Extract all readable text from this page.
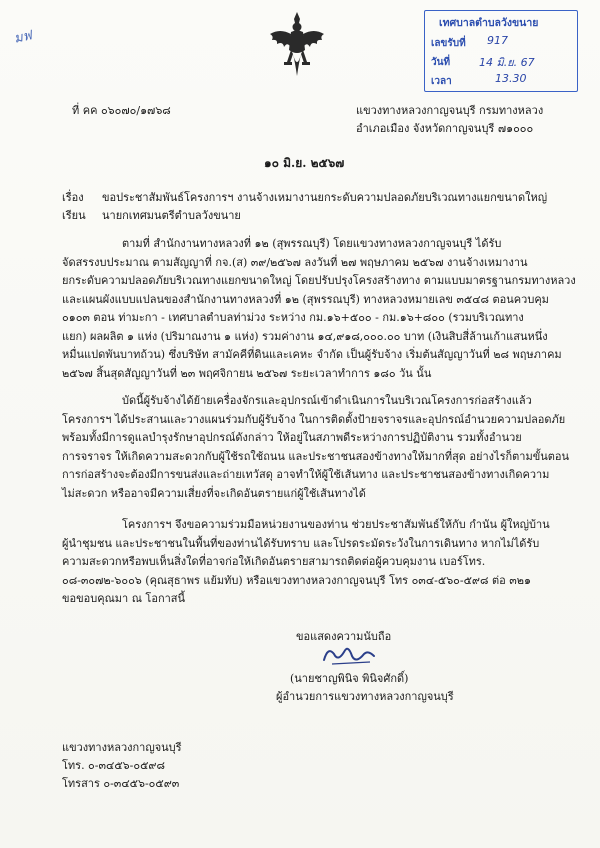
มฟ
เทศบาลตำบลวังขนาย
เลขรับที่ 917
วันที่	14 มิ.ย. 67
เวลา	13.30
ที่ คค ๐๖๐๗๐/๑๗๖๘	แขวงทางหลวงกาญจนบุรี กรมทางหลวง
อำเภอเมือง จังหวัดกาญจนบุรี ๗๑๐๐๐
๑๐ มิ.ย. ๒๕๖๗
เรื่อง ขอประชาสัมพันธ์โครงการฯ งานจ้างเหมางานยกระดับความปลอดภัยบริเวณทางแยกขนาดใหญ่
เรียน นายกเทศมนตรีตำบลวังขนาย
ตามที่ สำนักงานทางหลวงที่ ๑๒ (สุพรรณบุรี) โดยแขวงทางหลวงกาญจนบุรี ได้รับ
จัดสรรงบประมาณ ตามสัญญาที่ กจ.(ส) ๓๙/๒๕๖๗ ลงวันที่ ๒๗ พฤษภาคม ๒๕๖๗ งานจ้างเหมางาน
ยกระดับความปลอดภัยบริเวณทางแยกขนาดใหญ่ โดยปรับปรุงโครงสร้างทาง ตามแบบมาตรฐานกรมทางหลวง
และแผนผังแบบแปลนของสำนักงานทางหลวงที่ ๑๒ (สุพรรณบุรี) ทางหลวงหมายเลข ๓๕๔๘ ตอนควบคุม
๐๑๐๓ ตอน ท่ามะกา - เทศบาลตำบลท่าม่วง ระหว่าง กม.๑๖+๕๐๐ - กม.๑๖+๘๐๐ (รวมบริเวณทาง
แยก) ผลผลิต ๑ แห่ง (ปริมาณงาน ๑ แห่ง) รวมค่างาน ๑๔,๙๑๘,๐๐๐.๐๐ บาท (เงินสิบสี่ล้านเก้าแสนหนึ่ง
หมื่นแปดพันบาทถ้วน) ซึ่งบริษัท สามัคคีที่ดินและเคหะ จำกัด เป็นผู้รับจ้าง เริ่มต้นสัญญาวันที่ ๒๘ พฤษภาคม
๒๕๖๗ สิ้นสุดสัญญาวันที่ ๒๓ พฤศจิกายน ๒๕๖๗ ระยะเวลาทำการ ๑๘๐ วัน นั้น
บัดนี้ผู้รับจ้างได้ย้ายเครื่องจักรและอุปกรณ์เข้าดำเนินการในบริเวณโครงการก่อสร้างแล้ว
โครงการฯ ได้ประสานและวางแผนร่วมกับผู้รับจ้าง ในการติดตั้งป้ายจราจรและอุปกรณ์อำนวยความปลอดภัย
พร้อมทั้งมีการดูแลบำรุงรักษาอุปกรณ์ดังกล่าว ให้อยู่ในสภาพดีระหว่างการปฏิบัติงาน รวมทั้งอำนวย
การจราจร ให้เกิดความสะดวกกับผู้ใช้รถใช้ถนน และประชาชนสองข้างทางให้มากที่สุด อย่างไรก็ตามขั้นตอน
การก่อสร้างจะต้องมีการขนส่งและถ่ายเทวัสดุ อาจทำให้ผู้ใช้เส้นทาง และประชาชนสองข้างทางเกิดความ
ไม่สะดวก หรืออาจมีความเสี่ยงที่จะเกิดอันตรายแก่ผู้ใช้เส้นทางได้
โครงการฯ จึงขอความร่วมมือหน่วยงานของท่าน ช่วยประชาสัมพันธ์ให้กับ กำนัน ผู้ใหญ่บ้าน
ผู้นำชุมชน และประชาชนในพื้นที่ของท่านได้รับทราบ และโปรดระมัดระวังในการเดินทาง หากไม่ได้รับ
ความสะดวกหรือพบเห็นสิ่งใดที่อาจก่อให้เกิดอันตรายสามารถติดต่อผู้ควบคุมงาน เบอร์โทร.
๐๘-๓๐๗๒-๖๐๐๖ (คุณสุธาพร แย้มทับ) หรือแขวงทางหลวงกาญจนบุรี โทร ๐๓๔-๕๖๐-๕๙๘ ต่อ ๓๒๑
ขอขอบคุณมา ณ โอกาสนี้
ขอแสดงความนับถือ
(นายชาญพินิจ พินิจศักดิ์)
ผู้อำนวยการแขวงทางหลวงกาญจนบุรี
แขวงทางหลวงกาญจนบุรี
โทร. ๐-๓๔๕๖-๐๕๙๘
โทรสาร ๐-๓๔๕๖-๐๕๙๓
